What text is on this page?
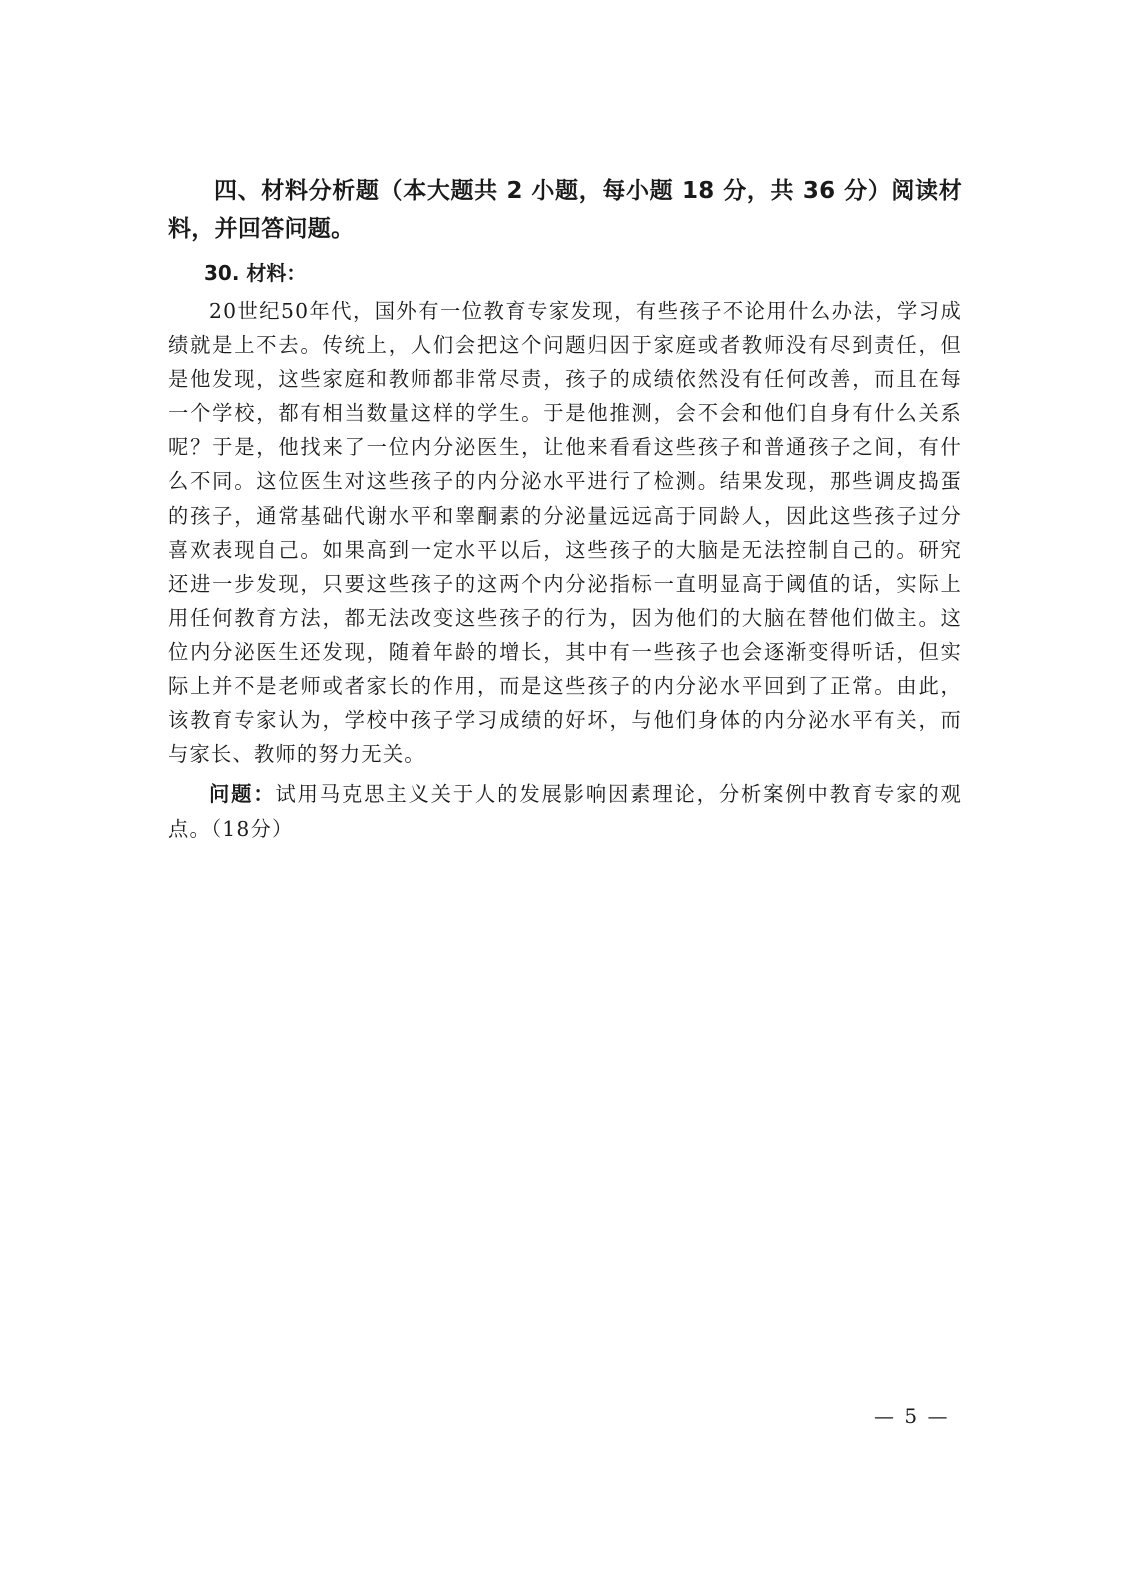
四、材料分析题（本大题共 2 小题，每小题 18 分，共 36 分）阅读材料，并回答问题。

30. 材料：

20世纪50年代，国外有一位教育专家发现，有些孩子不论用什么办法，学习成绩就是上不去。传统上，人们会把这个问题归因于家庭或者教师没有尽到责任，但是他发现，这些家庭和教师都非常尽责，孩子的成绩依然没有任何改善，而且在每一个学校，都有相当数量这样的学生。于是他推测，会不会和他们自身有什么关系呢？于是，他找来了一位内分泌医生，让他来看看这些孩子和普通孩子之间，有什么不同。这位医生对这些孩子的内分泌水平进行了检测。结果发现，那些调皮捣蛋的孩子，通常基础代谢水平和睾酮素的分泌量远远高于同龄人，因此这些孩子过分喜欢表现自己。如果高到一定水平以后，这些孩子的大脑是无法控制自己的。研究还进一步发现，只要这些孩子的这两个内分泌指标一直明显高于阈值的话，实际上用任何教育方法，都无法改变这些孩子的行为，因为他们的大脑在替他们做主。这位内分泌医生还发现，随着年龄的增长，其中有一些孩子也会逐渐变得听话，但实际上并不是老师或者家长的作用，而是这些孩子的内分泌水平回到了正常。由此，该教育专家认为，学校中孩子学习成绩的好坏，与他们身体的内分泌水平有关，而与家长、教师的努力无关。

问题：试用马克思主义关于人的发展影响因素理论，分析案例中教育专家的观点。（18分）

— 5 —
